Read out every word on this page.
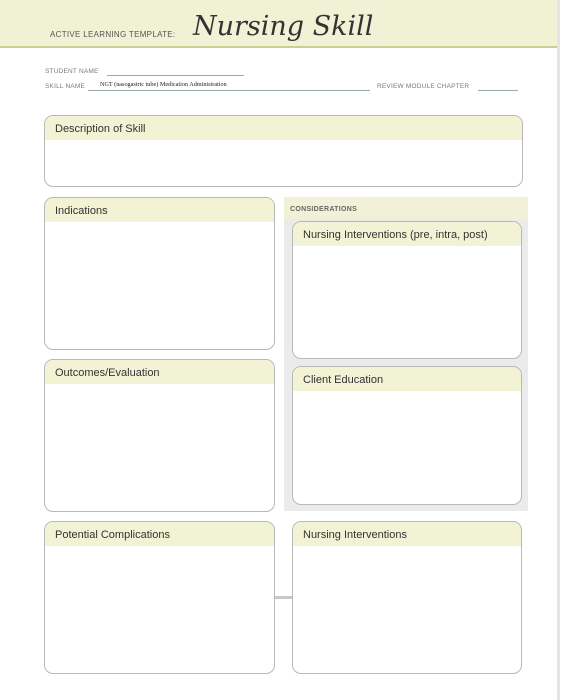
ACTIVE LEARNING TEMPLATE: Nursing Skill
STUDENT NAME
SKILL NAME NGT (nasogastric tube) Medication Administration	REVIEW MODULE CHAPTER
Description of Skill
Indications	CONSIDERATIONS
Nursing Interventions (pre, intra, post)
Client Education
Outcomes/Evaluation
Potential Complications	Nursing Interventions
